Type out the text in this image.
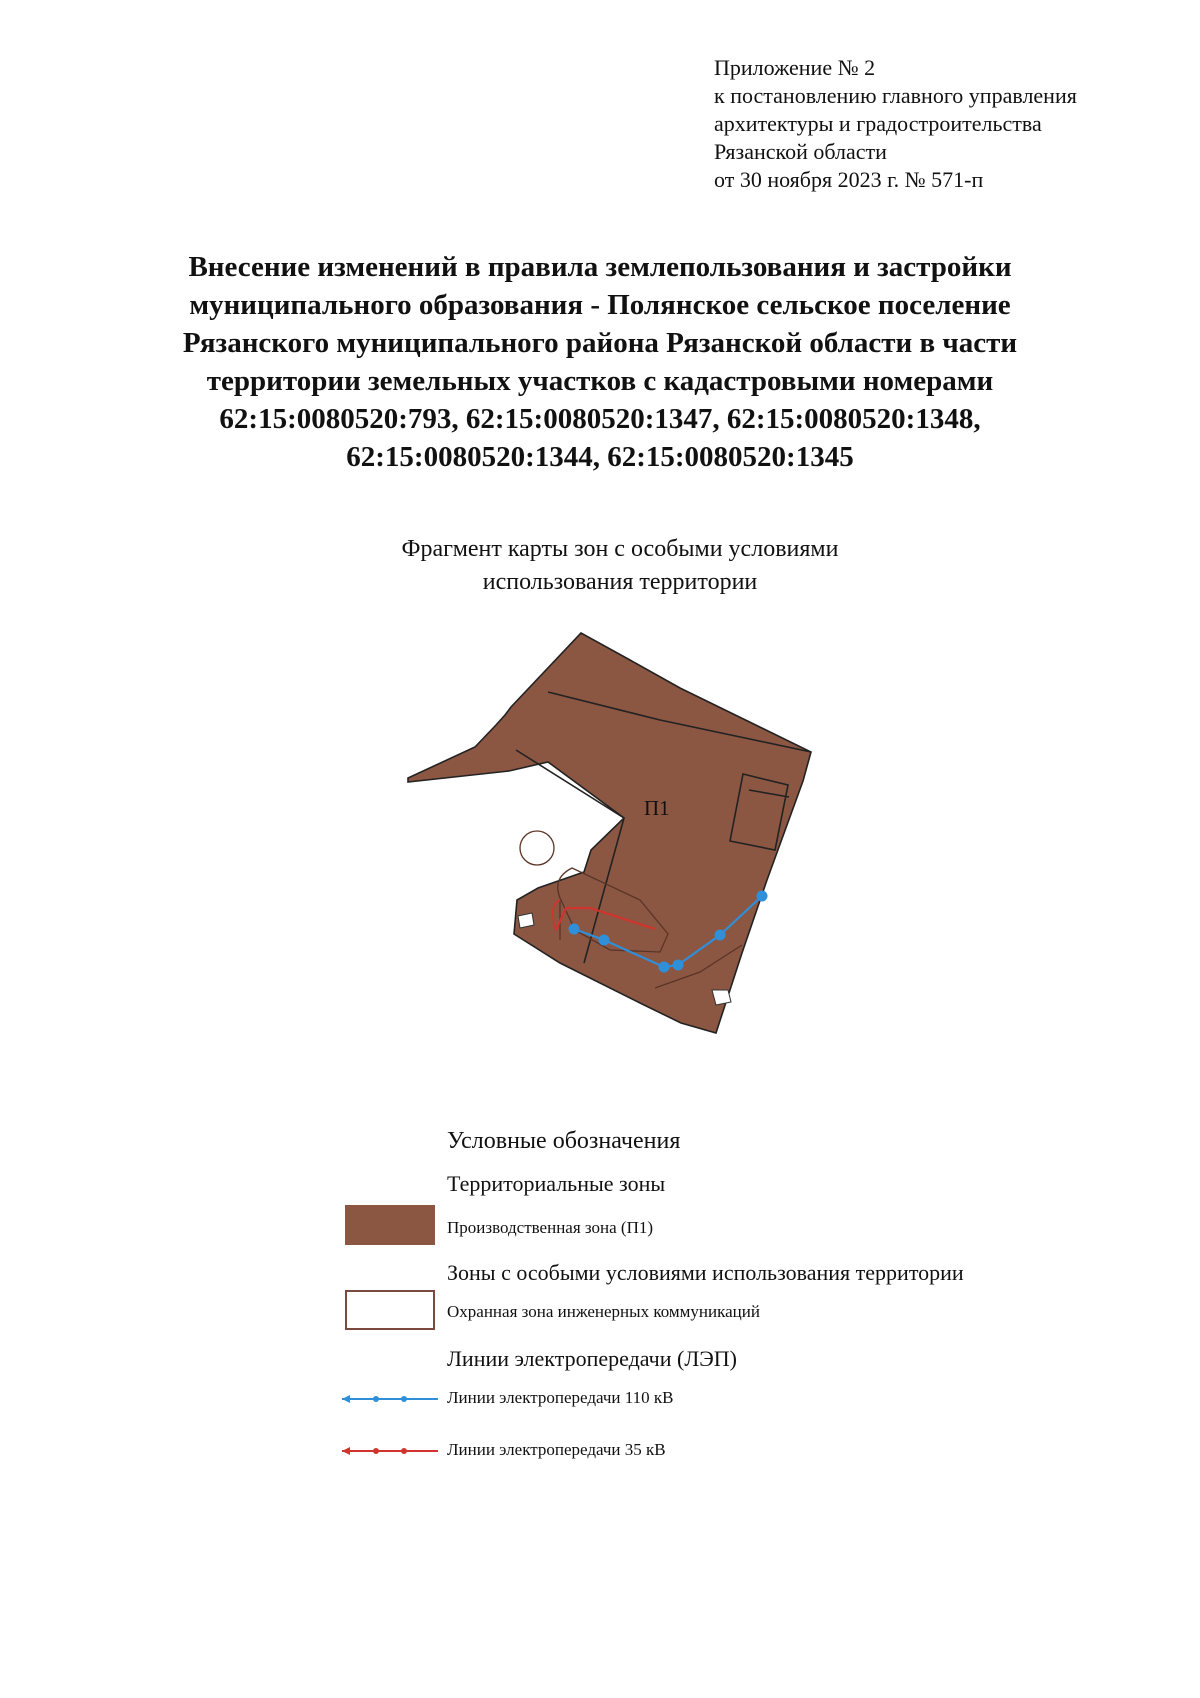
Приложение № 2
к постановлению главного управления
архитектуры и градостроительства
Рязанской области
от 30 ноября 2023 г. № 571-п
Внесение изменений в правила землепользования и застройки
муниципального образования - Полянское сельское поселение
Рязанского муниципального района Рязанской области в части
территории земельных участков с кадастровыми номерами
62:15:0080520:793, 62:15:0080520:1347, 62:15:0080520:1348,
62:15:0080520:1344, 62:15:0080520:1345
Фрагмент карты зон с особыми условиями
использования территории
П1
Условные обозначения
Территориальные зоны
Производственная зона (П1)
Зоны с особыми условиями использования территории
Охранная зона инженерных коммуникаций
Линии электропередачи (ЛЭП)
Линии электропередачи 110 кВ
Линии электропередачи 35 кВ
